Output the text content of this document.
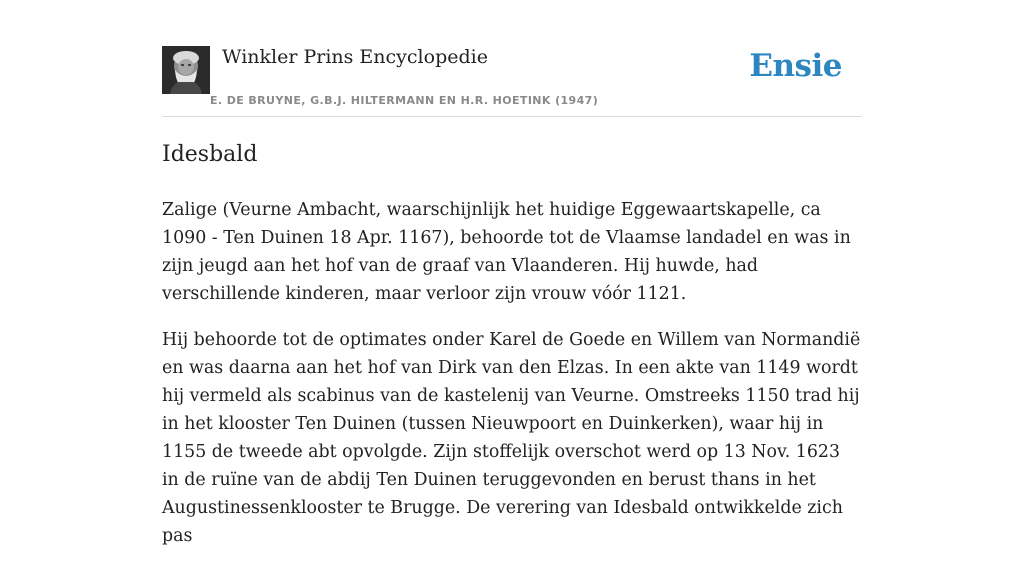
Winkler Prins Encyclopedie
E. DE BRUYNE, G.B.J. HILTERMANN EN H.R. HOETINK (1947)
Ensie
Idesbald

Zalige (Veurne Ambacht, waarschijnlijk het huidige Eggewaartskapelle, ca 1090 - Ten Duinen 18 Apr. 1167), behoorde tot de Vlaamse landadel en was in zijn jeugd aan het hof van de graaf van Vlaanderen. Hij huwde, had verschillende kinderen, maar verloor zijn vrouw vóór 1121.

Hij behoorde tot de optimates onder Karel de Goede en Willem van Normandië en was daarna aan het hof van Dirk van den Elzas. In een akte van 1149 wordt hij vermeld als scabinus van de kastelenij van Veurne. Omstreeks 1150 trad hij in het klooster Ten Duinen (tussen Nieuwpoort en Duinkerken), waar hij in 1155 de tweede abt opvolgde. Zijn stoffelijk overschot werd op 13 Nov. 1623 in de ruïne van de abdij Ten Duinen teruggevonden en berust thans in het Augustinessenklooster te Brugge. De verering van Idesbald ontwikkelde zich pas
